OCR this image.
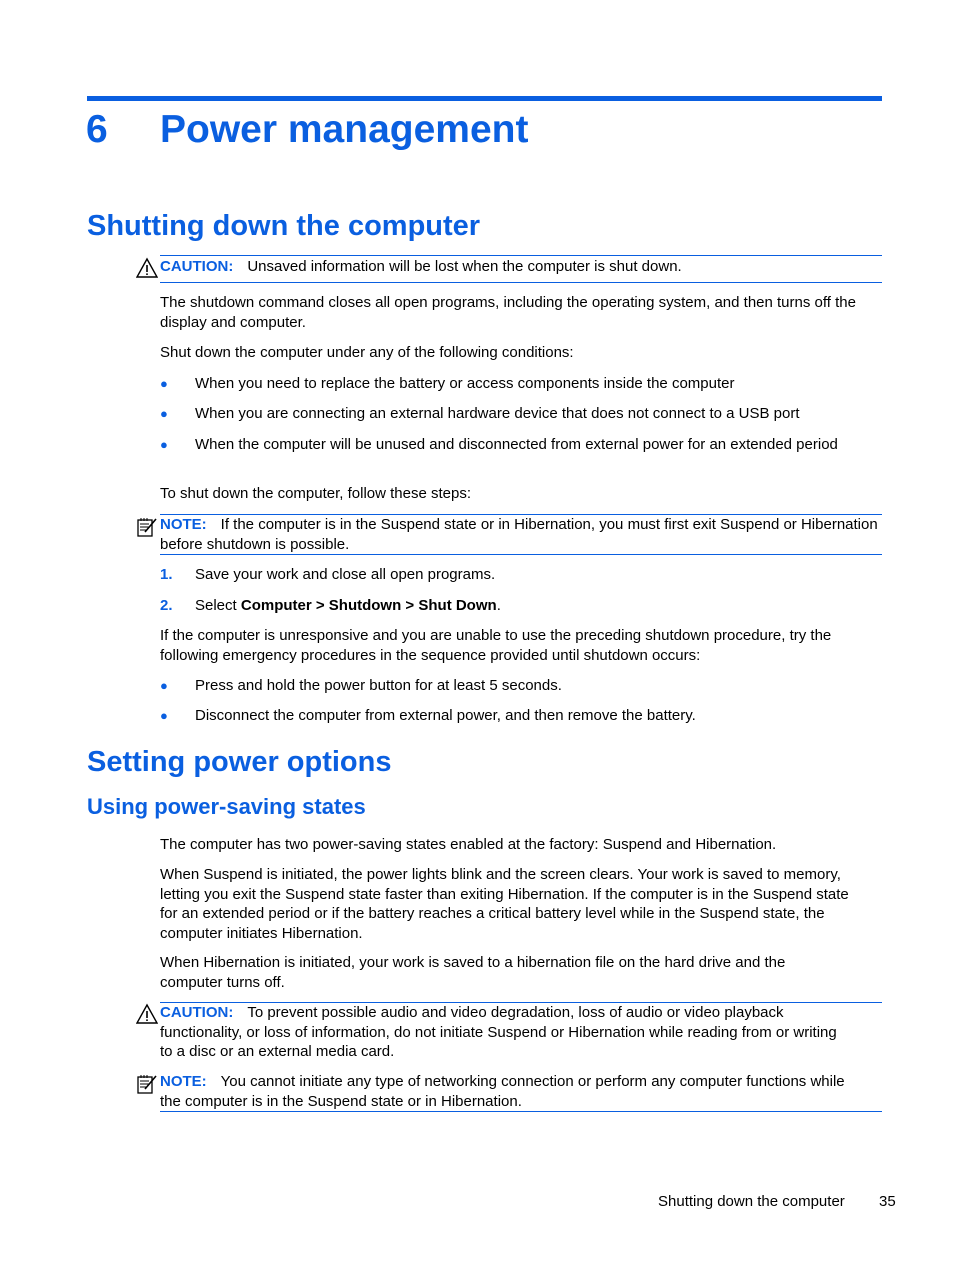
6 Power management
Shutting down the computer
CAUTION: Unsaved information will be lost when the computer is shut down.
The shutdown command closes all open programs, including the operating system, and then turns off the display and computer.
Shut down the computer under any of the following conditions:
● When you need to replace the battery or access components inside the computer
● When you are connecting an external hardware device that does not connect to a USB port
● When the computer will be unused and disconnected from external power for an extended period
To shut down the computer, follow these steps:
NOTE: If the computer is in the Suspend state or in Hibernation, you must first exit Suspend or Hibernation before shutdown is possible.
1. Save your work and close all open programs.
2. Select Computer > Shutdown > Shut Down.
If the computer is unresponsive and you are unable to use the preceding shutdown procedure, try the following emergency procedures in the sequence provided until shutdown occurs:
● Press and hold the power button for at least 5 seconds.
● Disconnect the computer from external power, and then remove the battery.
Setting power options
Using power-saving states
The computer has two power-saving states enabled at the factory: Suspend and Hibernation.
When Suspend is initiated, the power lights blink and the screen clears. Your work is saved to memory, letting you exit the Suspend state faster than exiting Hibernation. If the computer is in the Suspend state for an extended period or if the battery reaches a critical battery level while in the Suspend state, the computer initiates Hibernation.
When Hibernation is initiated, your work is saved to a hibernation file on the hard drive and the computer turns off.
CAUTION: To prevent possible audio and video degradation, loss of audio or video playback functionality, or loss of information, do not initiate Suspend or Hibernation while reading from or writing to a disc or an external media card.
NOTE: You cannot initiate any type of networking connection or perform any computer functions while the computer is in the Suspend state or in Hibernation.
Shutting down the computer 35
